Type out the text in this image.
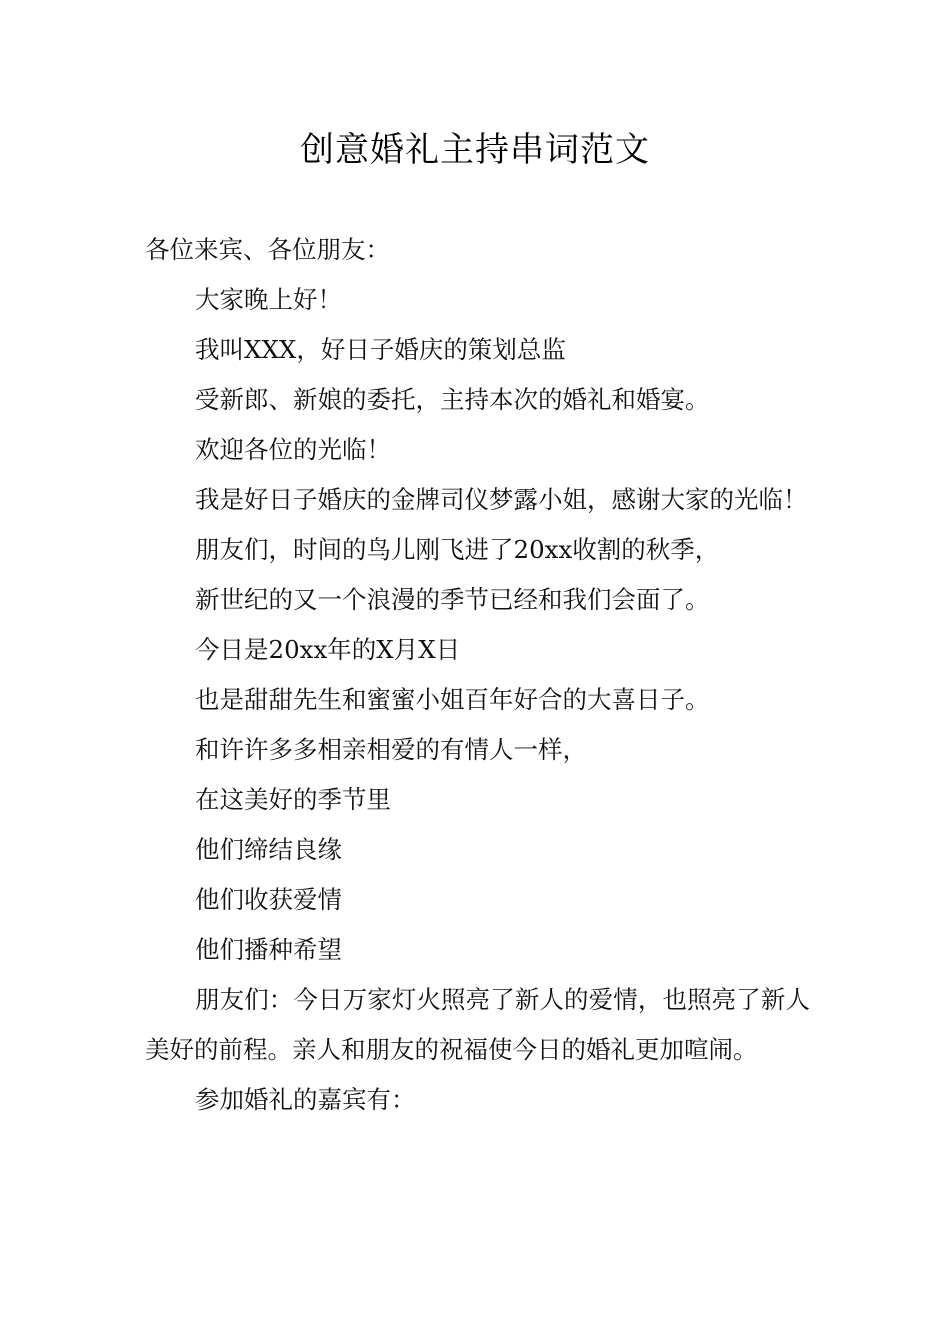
创意婚礼主持串词范文

各位来宾、各位朋友：

大家晚上好！

我叫XXX，好日子婚庆的策划总监

受新郎、新娘的委托，主持本次的婚礼和婚宴。

欢迎各位的光临！

我是好日子婚庆的金牌司仪梦露小姐，感谢大家的光临！

朋友们，时间的鸟儿刚飞进了20xx收割的秋季，

新世纪的又一个浪漫的季节已经和我们会面了。

今日是20xx年的X月X日

也是甜甜先生和蜜蜜小姐百年好合的大喜日子。

和许许多多相亲相爱的有情人一样，

在这美好的季节里

他们缔结良缘

他们收获爱情

他们播种希望

朋友们：今日万家灯火照亮了新人的爱情，也照亮了新人美好的前程。亲人和朋友的祝福使今日的婚礼更加喧闹。

参加婚礼的嘉宾有：
